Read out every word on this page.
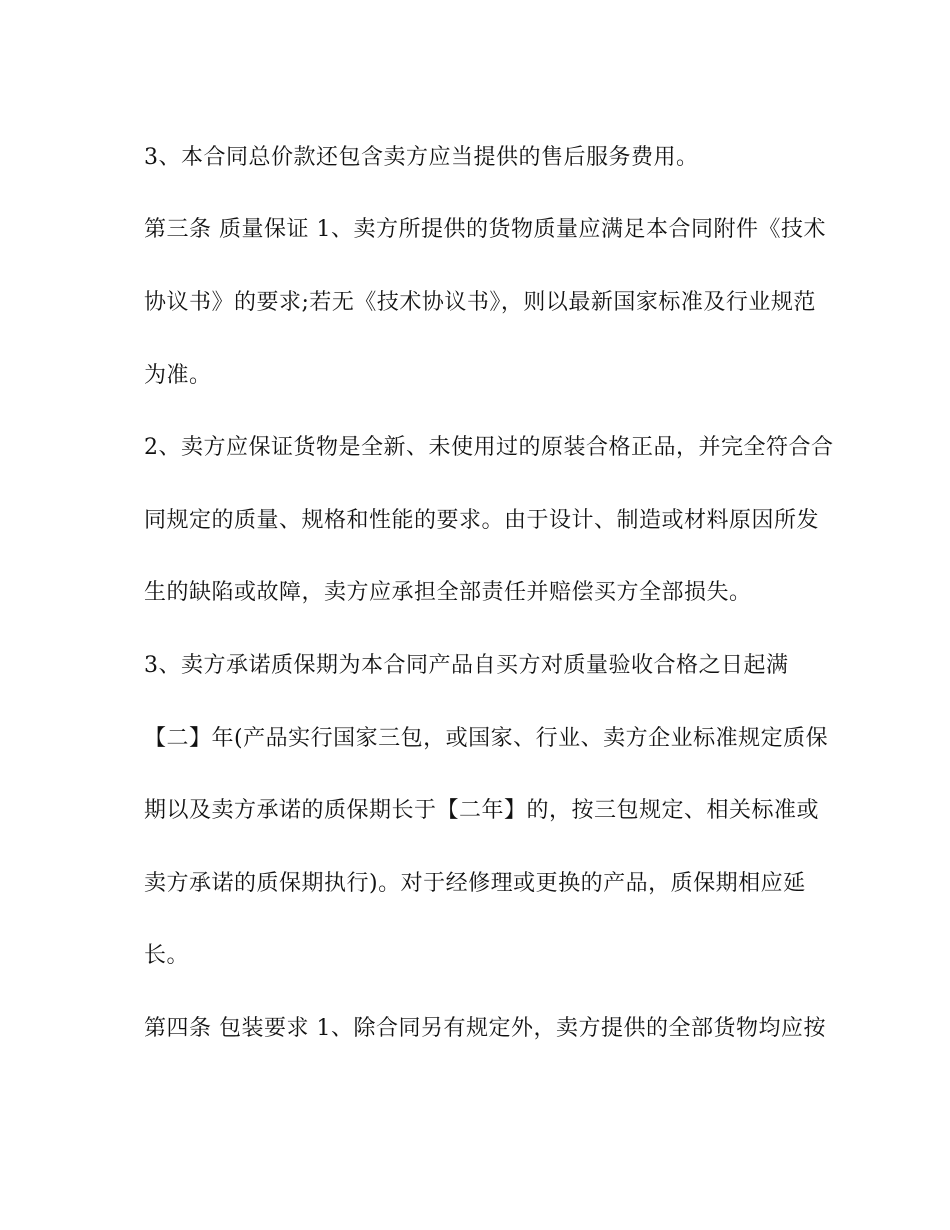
3、本合同总价款还包含卖方应当提供的售后服务费用。

第三条 质量保证 1、卖方所提供的货物质量应满足本合同附件《技术

协议书》的要求;若无《技术协议书》，则以最新国家标准及行业规范

为准。

2、卖方应保证货物是全新、未使用过的原装合格正品，并完全符合合

同规定的质量、规格和性能的要求。由于设计、制造或材料原因所发

生的缺陷或故障，卖方应承担全部责任并赔偿买方全部损失。

3、卖方承诺质保期为本合同产品自买方对质量验收合格之日起满

【二】年(产品实行国家三包，或国家、行业、卖方企业标准规定质保

期以及卖方承诺的质保期长于【二年】的，按三包规定、相关标准或

卖方承诺的质保期执行)。对于经修理或更换的产品，质保期相应延

长。

第四条 包装要求 1、除合同另有规定外，卖方提供的全部货物均应按
